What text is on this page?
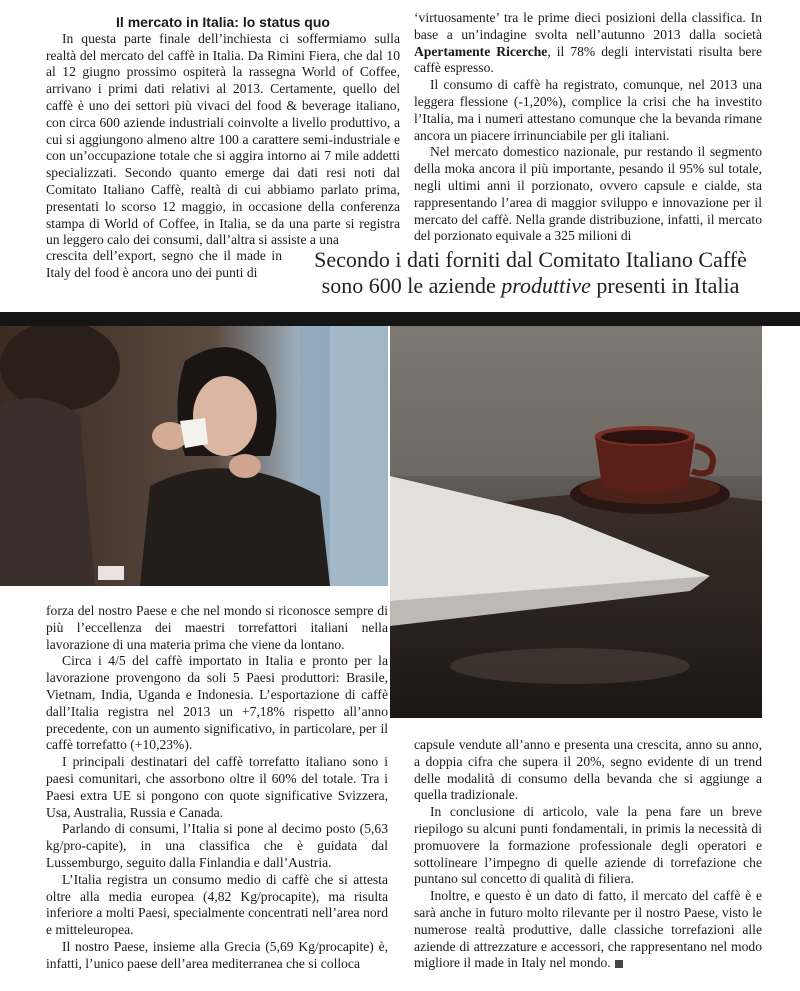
Il mercato in Italia: lo status quo

In questa parte finale dell’inchiesta ci soffermiamo sulla realtà del mercato del caffè in Italia. Da Rimini Fiera, che dal 10 al 12 giugno prossimo ospiterà la rassegna World of Coffee, arrivano i primi dati relativi al 2013. Certamente, quello del caffè è uno dei settori più vivaci del food & beverage italiano, con circa 600 aziende industriali coinvolte a livello produttivo, a cui si aggiungono almeno altre 100 a carattere semi-industriale e con un’occupazione totale che si aggira intorno ai 7 mile addetti specializzati. Secondo quanto emerge dai dati resi noti dal Comitato Italiano Caffè, realtà di cui abbiamo parlato prima, presentati lo scorso 12 maggio, in occasione della conferenza stampa di World of Coffee, in Italia, se da una parte si registra un leggero calo dei consumi, dall’altra si assiste a una

crescita dell’export, segno che il made in Italy del food è ancora uno dei punti di

‘virtuosamente’ tra le prime dieci posizioni della classifica. In base a un’indagine svolta nell’autunno 2013 dalla società Apertamente Ricerche, il 78% degli intervistati risulta bere caffè espresso.

Il consumo di caffè ha registrato, comunque, nel 2013 una leggera flessione (-1,20%), complice la crisi che ha investito l’Italia, ma i numeri attestano comunque che la bevanda rimane ancora un piacere irrinunciabile per gli italiani.

Nel mercato domestico nazionale, pur restando il segmento della moka ancora il più importante, pesando il 95% sul totale, negli ultimi anni il porzionato, ovvero capsule e cialde, sta rappresentando l’area di maggior sviluppo e innovazione per il mercato del caffè. Nella grande distribuzione, infatti, il mercato del porzionato equivale a 325 milioni di

Secondo i dati forniti dal Comitato Italiano Caffè
sono 600 le aziende produttive presenti in Italia

forza del nostro Paese e che nel mondo si riconosce sempre di più l’eccellenza dei maestri torrefattori italiani nella lavorazione di una materia prima che viene da lontano.

Circa i 4/5 del caffè importato in Italia e pronto per la lavorazione provengono da soli 5 Paesi produttori: Brasile, Vietnam, India, Uganda e Indonesia. L’esportazione di caffè dall’Italia registra nel 2013 un +7,18% rispetto all’anno precedente, con un aumento significativo, in particolare, per il caffè torrefatto (+10,23%).

I principali destinatari del caffè torrefatto italiano sono i paesi comunitari, che assorbono oltre il 60% del totale. Tra i Paesi extra UE si pongono con quote significative Svizzera, Usa, Australia, Russia e Canada.

Parlando di consumi, l’Italia si pone al decimo posto (5,63 kg/pro-capite), in una classifica che è guidata dal Lussemburgo, seguito dalla Finlandia e dall’Austria.

L’Italia registra un consumo medio di caffè che si attesta oltre alla media europea (4,82 Kg/procapite), ma risulta inferiore a molti Paesi, specialmente concentrati nell’area nord e mitteleuropea.

Il nostro Paese, insieme alla Grecia (5,69 Kg/procapite) è, infatti, l’unico paese dell’area mediterranea che si colloca

capsule vendute all’anno e presenta una crescita, anno su anno, a doppia cifra che supera il 20%, segno evidente di un trend delle modalità di consumo della bevanda che si aggiunge a quella tradizionale.

In conclusione di articolo, vale la pena fare un breve riepilogo su alcuni punti fondamentali, in primis la necessità di promuovere la formazione professionale degli operatori e sottolineare l’impegno di quelle aziende di torrefazione che puntano sul concetto di qualità di filiera.

Inoltre, e questo è un dato di fatto, il mercato del caffè è e sarà anche in futuro molto rilevante per il nostro Paese, visto le numerose realtà produttive, dalle classiche torrefazioni alle aziende di attrezzature e accessori, che rappresentano nel modo migliore il made in Italy nel mondo.
